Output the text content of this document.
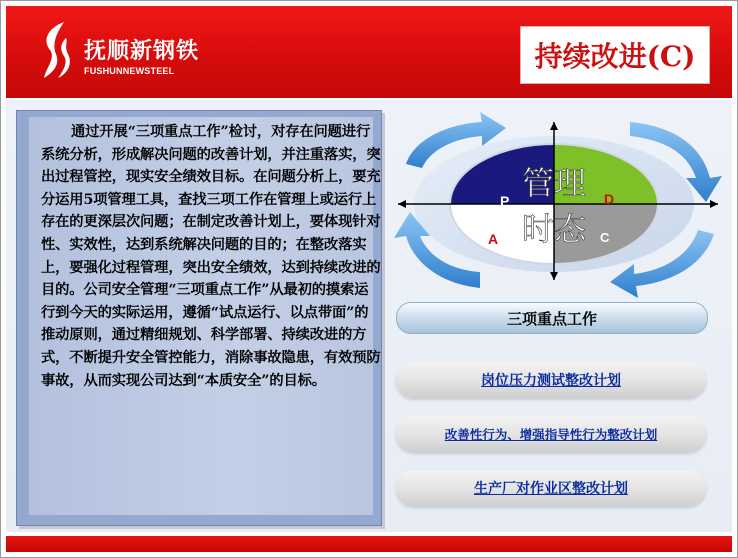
抚顺新钢铁
FUSHUNNEWSTEEL	持续改进(C)

通过开展“三项重点工作”检讨，对存在问题进行系统分析，形成解决问题的改善计划，并注重落实，突出过程管控，现实安全绩效目标。在问题分析上，要充分运用5项管理工具，查找三项工作在管理上或运行上存在的更深层次问题；在制定改善计划上，要体现针对性、实效性，达到系统解决问题的目的；在整改落实上，要强化过程管理，突出安全绩效，达到持续改进的目的。公司安全管理“三项重点工作”从最初的摸索运行到今天的实际运用，遵循“试点运行、以点带面”的推动原则，通过精细规划、科学部署、持续改进的方式，不断提升安全管控能力，消除事故隐患，有效预防事故，从而实现公司达到“本质安全”的目标。

P	D
A	C
管理
时态
三项重点工作
岗位压力测试整改计划
改善性行为、增强指导性行为整改计划
生产厂对作业区整改计划
